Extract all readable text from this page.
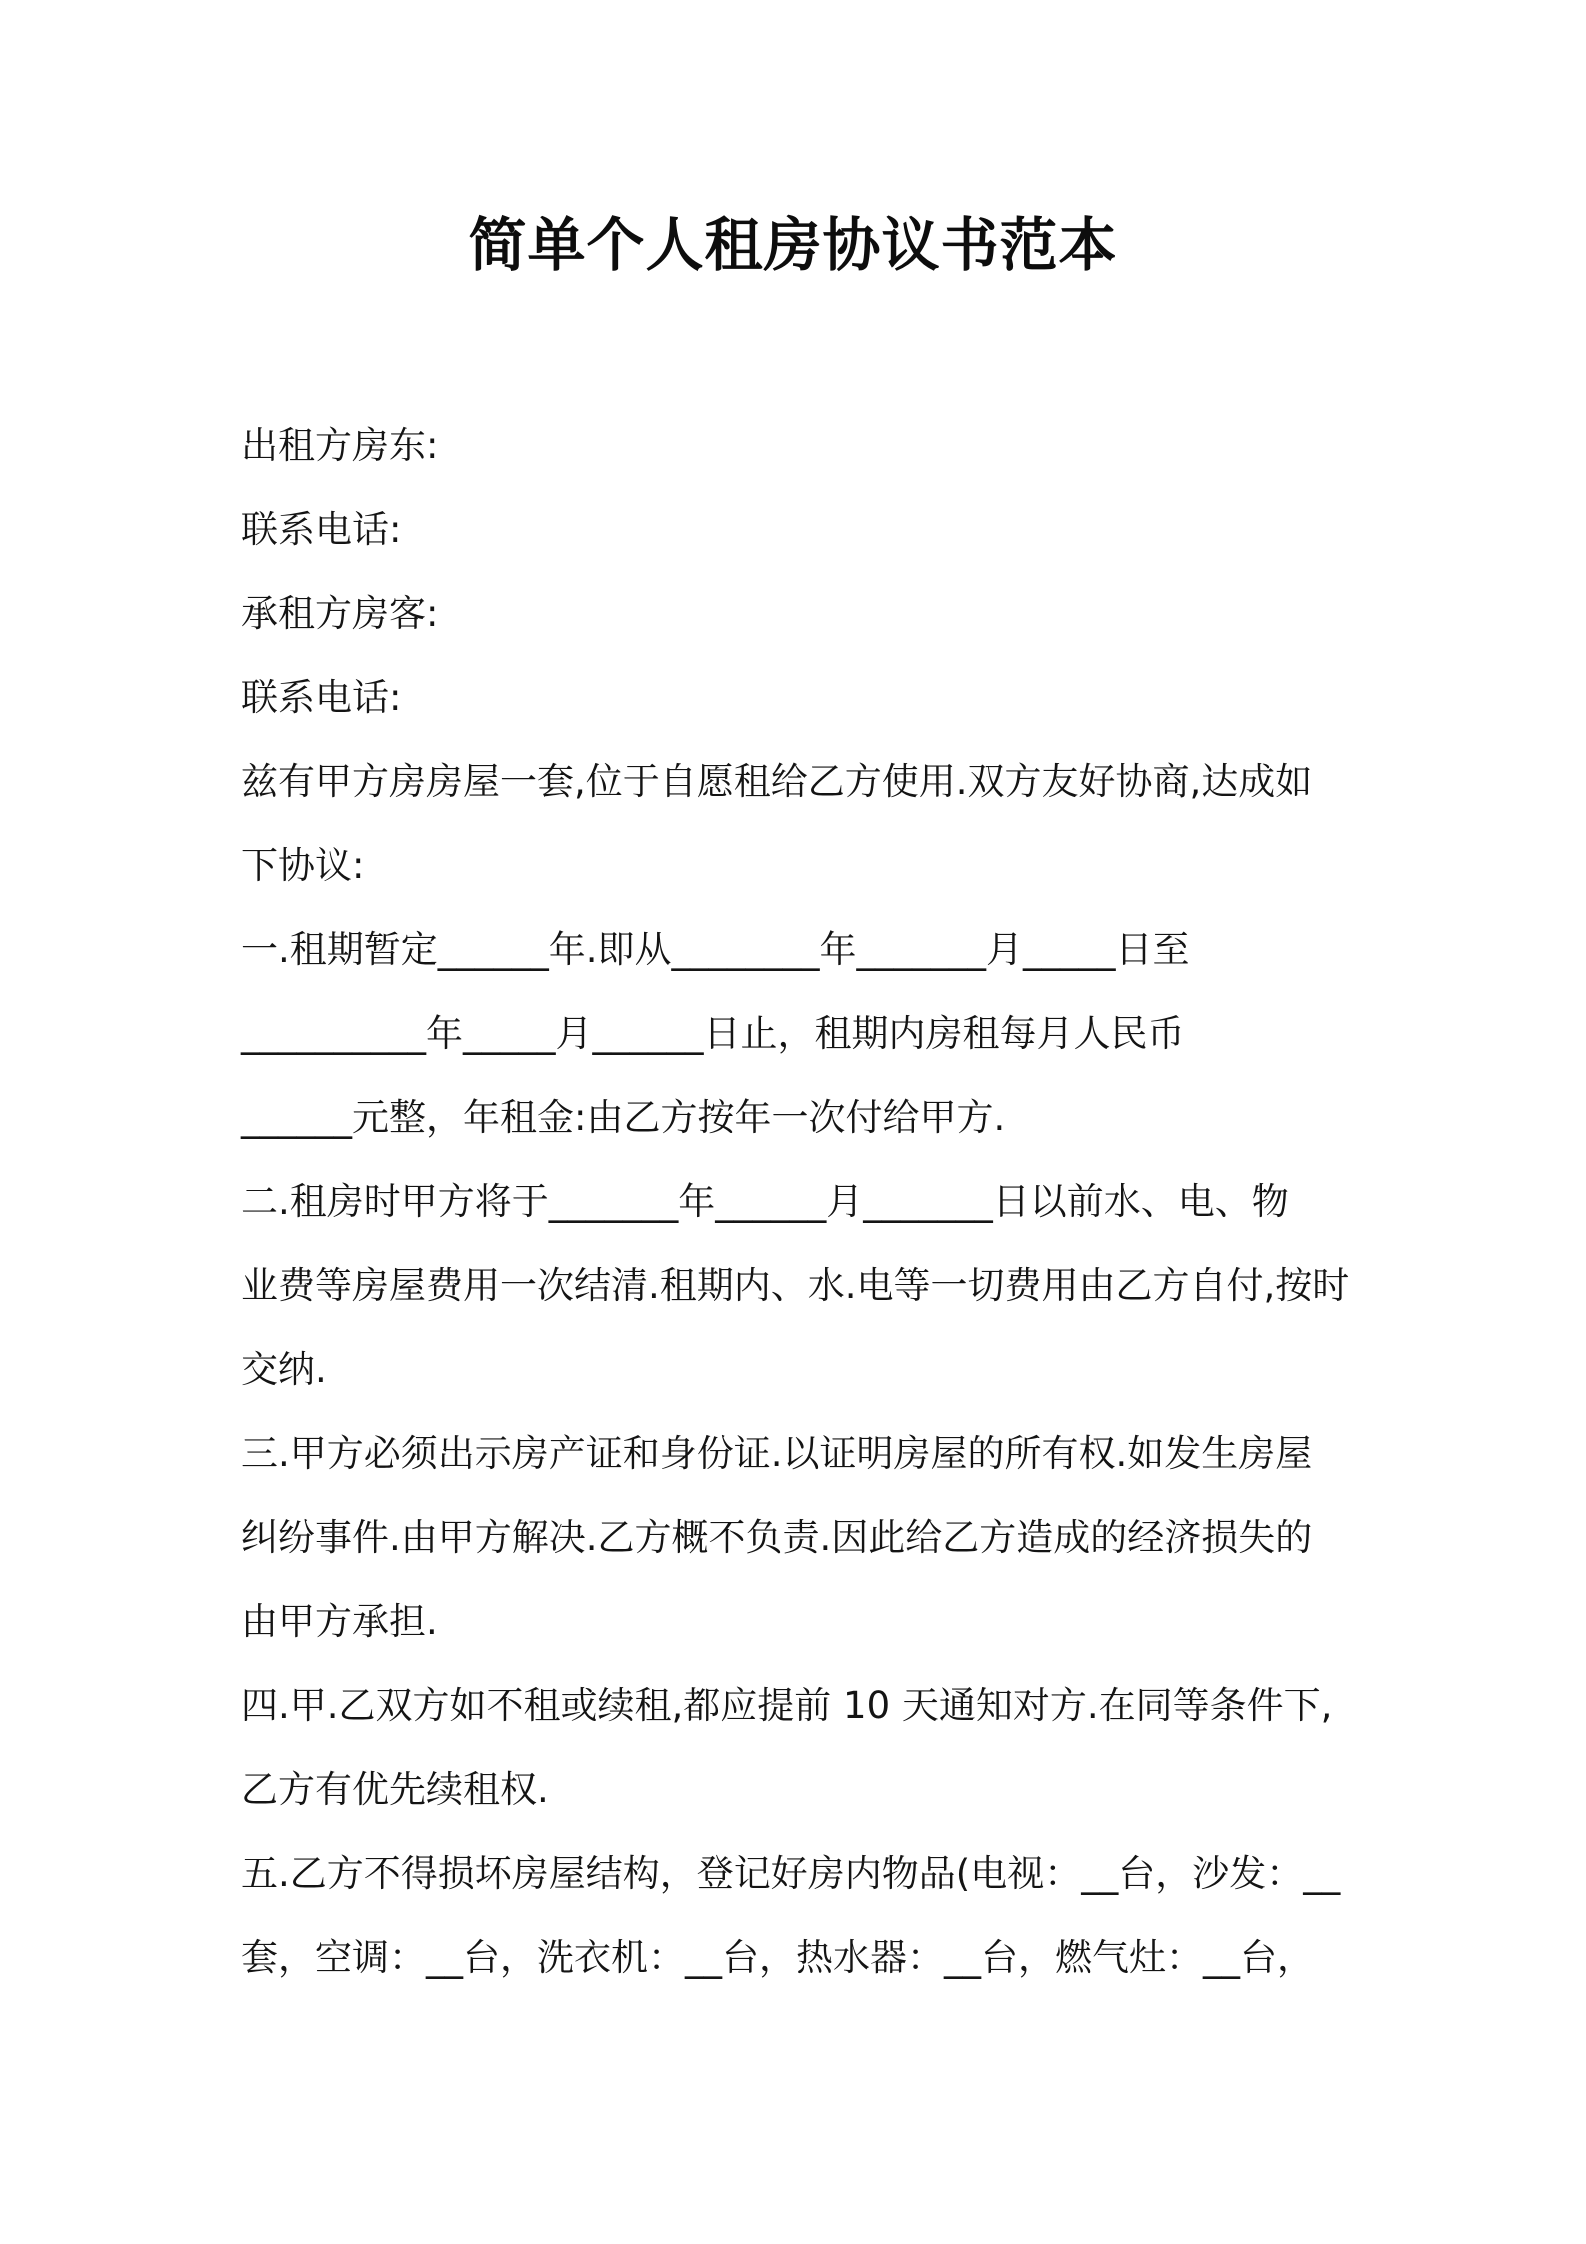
简单个人租房协议书范本
出租方房东:
联系电话:
承租方房客:
联系电话:
兹有甲方房房屋一套,位于自愿租给乙方使用.双方友好协商,达成如
下协议:
一.租期暂定______年.即从________年_______月_____日至
__________年_____月______日止，租期内房租每月人民币
______元整，年租金:由乙方按年一次付给甲方.
二.租房时甲方将于_______年______月_______日以前水、电、物
业费等房屋费用一次结清.租期内、水.电等一切费用由乙方自付,按时
交纳.
三.甲方必须出示房产证和身份证.以证明房屋的所有权.如发生房屋
纠纷事件.由甲方解决.乙方概不负责.因此给乙方造成的经济损失的
由甲方承担.
四.甲.乙双方如不租或续租,都应提前 10 天通知对方.在同等条件下,
乙方有优先续租权.
五.乙方不得损坏房屋结构，登记好房内物品(电视：__台，沙发：__
套，空调：__台，洗衣机：__台，热水器：__台，燃气灶：__台，
